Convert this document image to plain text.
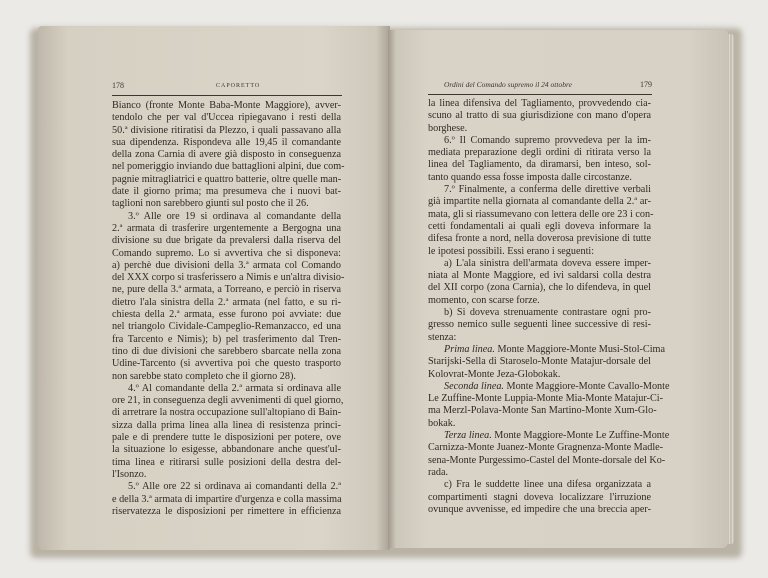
178	CAPORETTO
Bianco (fronte Monte Baba-Monte Maggiore), avver-
tendolo che per val d'Uccea ripiegavano i resti della
50.ª divisione ritiratisi da Plezzo, i quali passavano alla
sua dipendenza. Rispondeva alle 19,45 il comandante
della zona Carnia di avere già disposto in conseguenza
nel pomeriggio inviando due battaglioni alpini, due com-
pagnie mitragliatrici e quattro batterie, oltre quelle man-
date il giorno prima; ma presumeva che i nuovi bat-
taglioni non sarebbero giunti sul posto che il 26.
3.º Alle ore 19 si ordinava al comandante della
2.ª armata di trasferire urgentemente a Bergogna una
divisione su due brigate da prevalersi dalla riserva del
Comando supremo. Lo si avvertiva che si disponeva:
a) perchè due divisioni della 3.ª armata col Comando
del XXX corpo si trasferissero a Nimis e un'altra divisio-
ne, pure della 3.ª armata, a Torreano, e perciò in riserva
dietro l'ala sinistra della 2.ª armata (nel fatto, e su ri-
chiesta della 2.ª armata, esse furono poi avviate: due
nel triangolo Cividale-Campeglio-Remanzacco, ed una
fra Tarcento e Nimis); b) pel trasferimento dal Tren-
tino di due divisioni che sarebbero sbarcate nella zona
Udine-Tarcento (si avvertiva poi che questo trasporto
non sarebbe stato completo che il giorno 28).
4.º Al comandante della 2.ª armata si ordinava alle
ore 21, in conseguenza degli avvenimenti di quel giorno,
di arretrare la nostra occupazione sull'altopiano di Bain-
sizza dalla prima linea alla linea di resistenza princi-
pale e di prendere tutte le disposizioni per potere, ove
la situazione lo esigesse, abbandonare anche quest'ul-
tima linea e ritirarsi sulle posizioni della destra del-
l'Isonzo.
5.º Alle ore 22 si ordinava ai comandanti della 2.ª
e della 3.ª armata di impartire d'urgenza e colla massima
riservatezza le disposizioni per rimettere in efficienza
Ordini del Comando supremo il 24 ottobre	179
la linea difensiva del Tagliamento, provvedendo cia-
scuno al tratto di sua giurisdizione con mano d'opera
borghese.
6.º Il Comando supremo provvedeva per la im-
mediata preparazione degli ordini di ritirata verso la
linea del Tagliamento, da diramarsi, ben inteso, sol-
tanto quando essa fosse imposta dalle circostanze.
7.º Finalmente, a conferma delle direttive verbali
già impartite nella giornata al comandante della 2.ª ar-
mata, gli si riassumevano con lettera delle ore 23 i con-
cetti fondamentali ai quali egli doveva informare la
difesa fronte a nord, nella doverosa previsione di tutte
le ipotesi possibili. Essi erano i seguenti:
a) L'ala sinistra dell'armata doveva essere imper-
niata al Monte Maggiore, ed ivi saldarsi colla destra
del XII corpo (zona Carnia), che lo difendeva, in quel
momento, con scarse forze.
b) Si doveva strenuamente contrastare ogni pro-
gresso nemico sulle seguenti linee successive di resi-
stenza:
Prima linea. Monte Maggiore-Monte Musi-Stol-Cima
Starijski-Sella di Staroselo-Monte Matajur-dorsale del
Kolovrat-Monte Jeza-Globokak.
Seconda linea. Monte Maggiore-Monte Cavallo-Monte
Le Zuffine-Monte Luppia-Monte Mia-Monte Matajur-Ci-
ma Merzl-Polava-Monte San Martino-Monte Xum-Glo-
bokak.
Terza linea. Monte Maggiore-Monte Le Zuffine-Monte
Carnizza-Monte Juanez-Monte Gragnenza-Monte Madle-
sena-Monte Purgessimo-Castel del Monte-dorsale del Ko-
rada.
c) Fra le suddette linee una difesa organizzata a
compartimenti stagni doveva localizzare l'irruzione
ovunque avvenisse, ed impedire che una breccia aper-
